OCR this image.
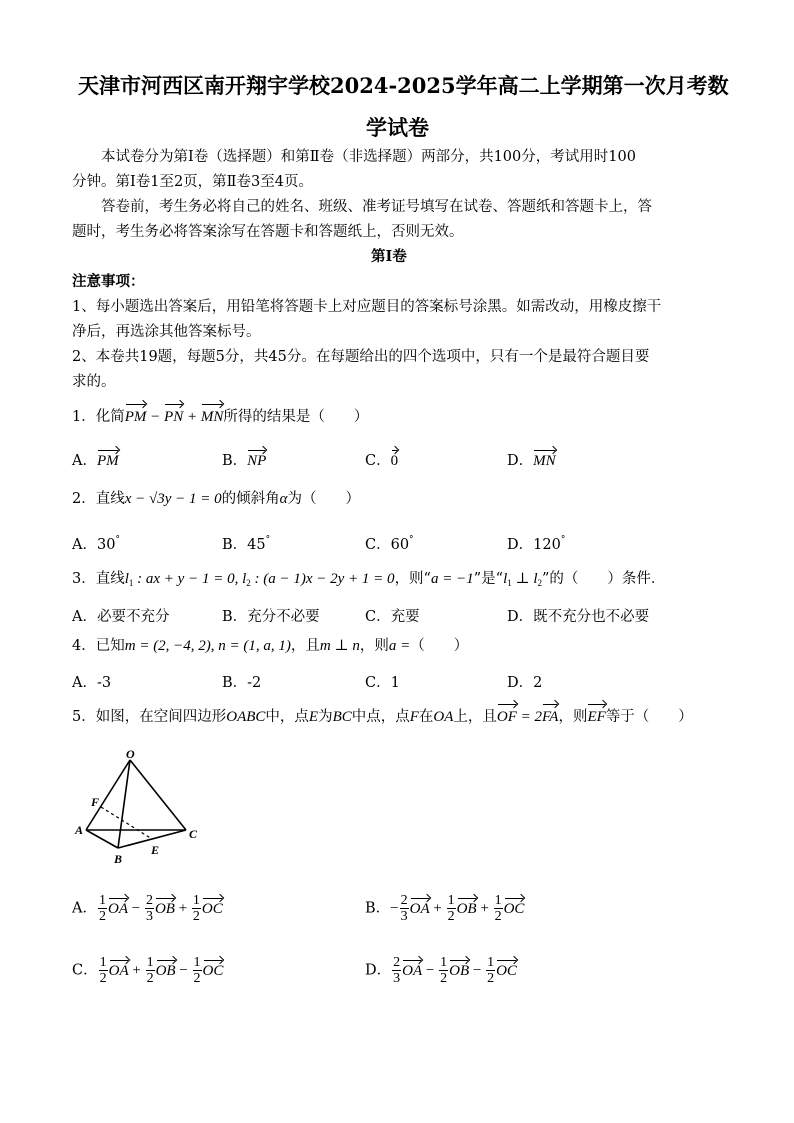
天津市河西区南开翔宇学校2024-2025学年高二上学期第一次月考数
学试卷
本试卷分为第Ⅰ卷（选择题）和第Ⅱ卷（非选择题）两部分，共100分，考试用时100
分钟。第Ⅰ卷1至2页，第Ⅱ卷3至4页。
答卷前，考生务必将自己的姓名、班级、准考证号填写在试卷、答题纸和答题卡上，答
题时，考生务必将答案涂写在答题卡和答题纸上，否则无效。
第Ⅰ卷
注意事项：
1、每小题选出答案后，用铅笔将答题卡上对应题目的答案标号涂黑。如需改动，用橡皮擦干
净后，再选涂其他答案标号。
2、本卷共19题，每题5分，共45分。在每题给出的四个选项中，只有一个是最符合题目要
求的。
1．化简PM − PN + MN所得的结果是（　　）
A．PM	B．NP	C．0	D．MN
2．直线x − √3y − 1 = 0的倾斜角α为（　　）
A．30°	B．45°	C．60°	D．120°
3．直线$l_1$ : ax + y − 1 = 0, $l_2$ : (a − 1)x − 2y + 1 = 0，则“a = −1”是“$l_1$ ⊥ $l_2$”的（　　）条件．
A．必要不充分	B．充分不必要	C．充要	D．既不充分也不必要
4．已知m = (2, −4, 2), n = (1, a, 1)，且m ⊥ n，则a =（　　）
A．-3	B．-2	C．1	D．2
5．如图，在空间四边形OABC中，点E为BC中点，点F在OA上，且OF = 2FA，则EF等于（　　）
O
F
A
B
C
E
A． $\frac{1}{2}$ OA − $\frac{2}{3}$ OB + $\frac{1}{2}$ OC	B．− $\frac{2}{3}$ OA + $\frac{1}{2}$ OB + $\frac{1}{2}$ OC
C． $\frac{1}{2}$ OA + $\frac{1}{2}$ OB − $\frac{1}{2}$ OC	D． $\frac{2}{3}$ OA − $\frac{1}{2}$ OB − $\frac{1}{2}$ OC
